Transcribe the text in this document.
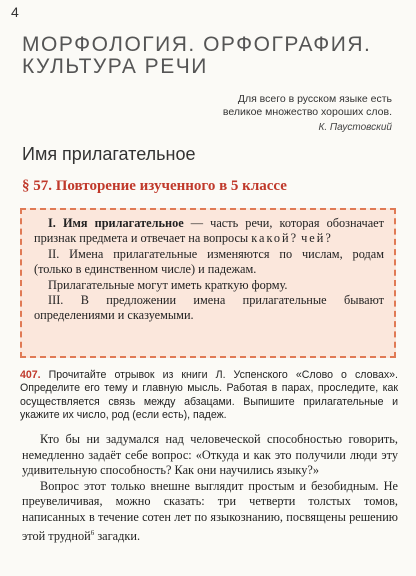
4
МОРФОЛОГИЯ. ОРФОГРАФИЯ.
КУЛЬТУРА РЕЧИ
Для всего в русском языке есть
великое множество хороших слов.
К. Паустовский
Имя прилагательное
§ 57. Повторение изученного в 5 классе

I. Имя прилагательное — часть речи, которая обозначает признак предмета и отвечает на вопросы какой? чей?

II. Имена прилагательные изменяются по числам, родам (только в единственном числе) и падежам.

Прилагательные могут иметь краткую форму.

III. В предложении имена прилагательные бывают определениями и сказуемыми.

407. Прочитайте отрывок из книги Л. Успенского «Слово о словах». Определите его тему и главную мысль. Работая в парах, проследите, как осуществляется связь между абзацами. Выпишите прилагательные и укажите их число, род (если есть), падеж.

Кто бы ни задумался над человеческой способностью говорить, немедленно задаёт себе вопрос: «Откуда и как это получили люди эту удивительную способность? Как они научились языку?»

Вопрос этот только внешне выглядит простым и безобидным. Не преувеличивая, можно сказать: три четверти толстых томов, написанных в течение сотен лет по языкознанию, посвящены решению этой трудной$^6$ загадки.
